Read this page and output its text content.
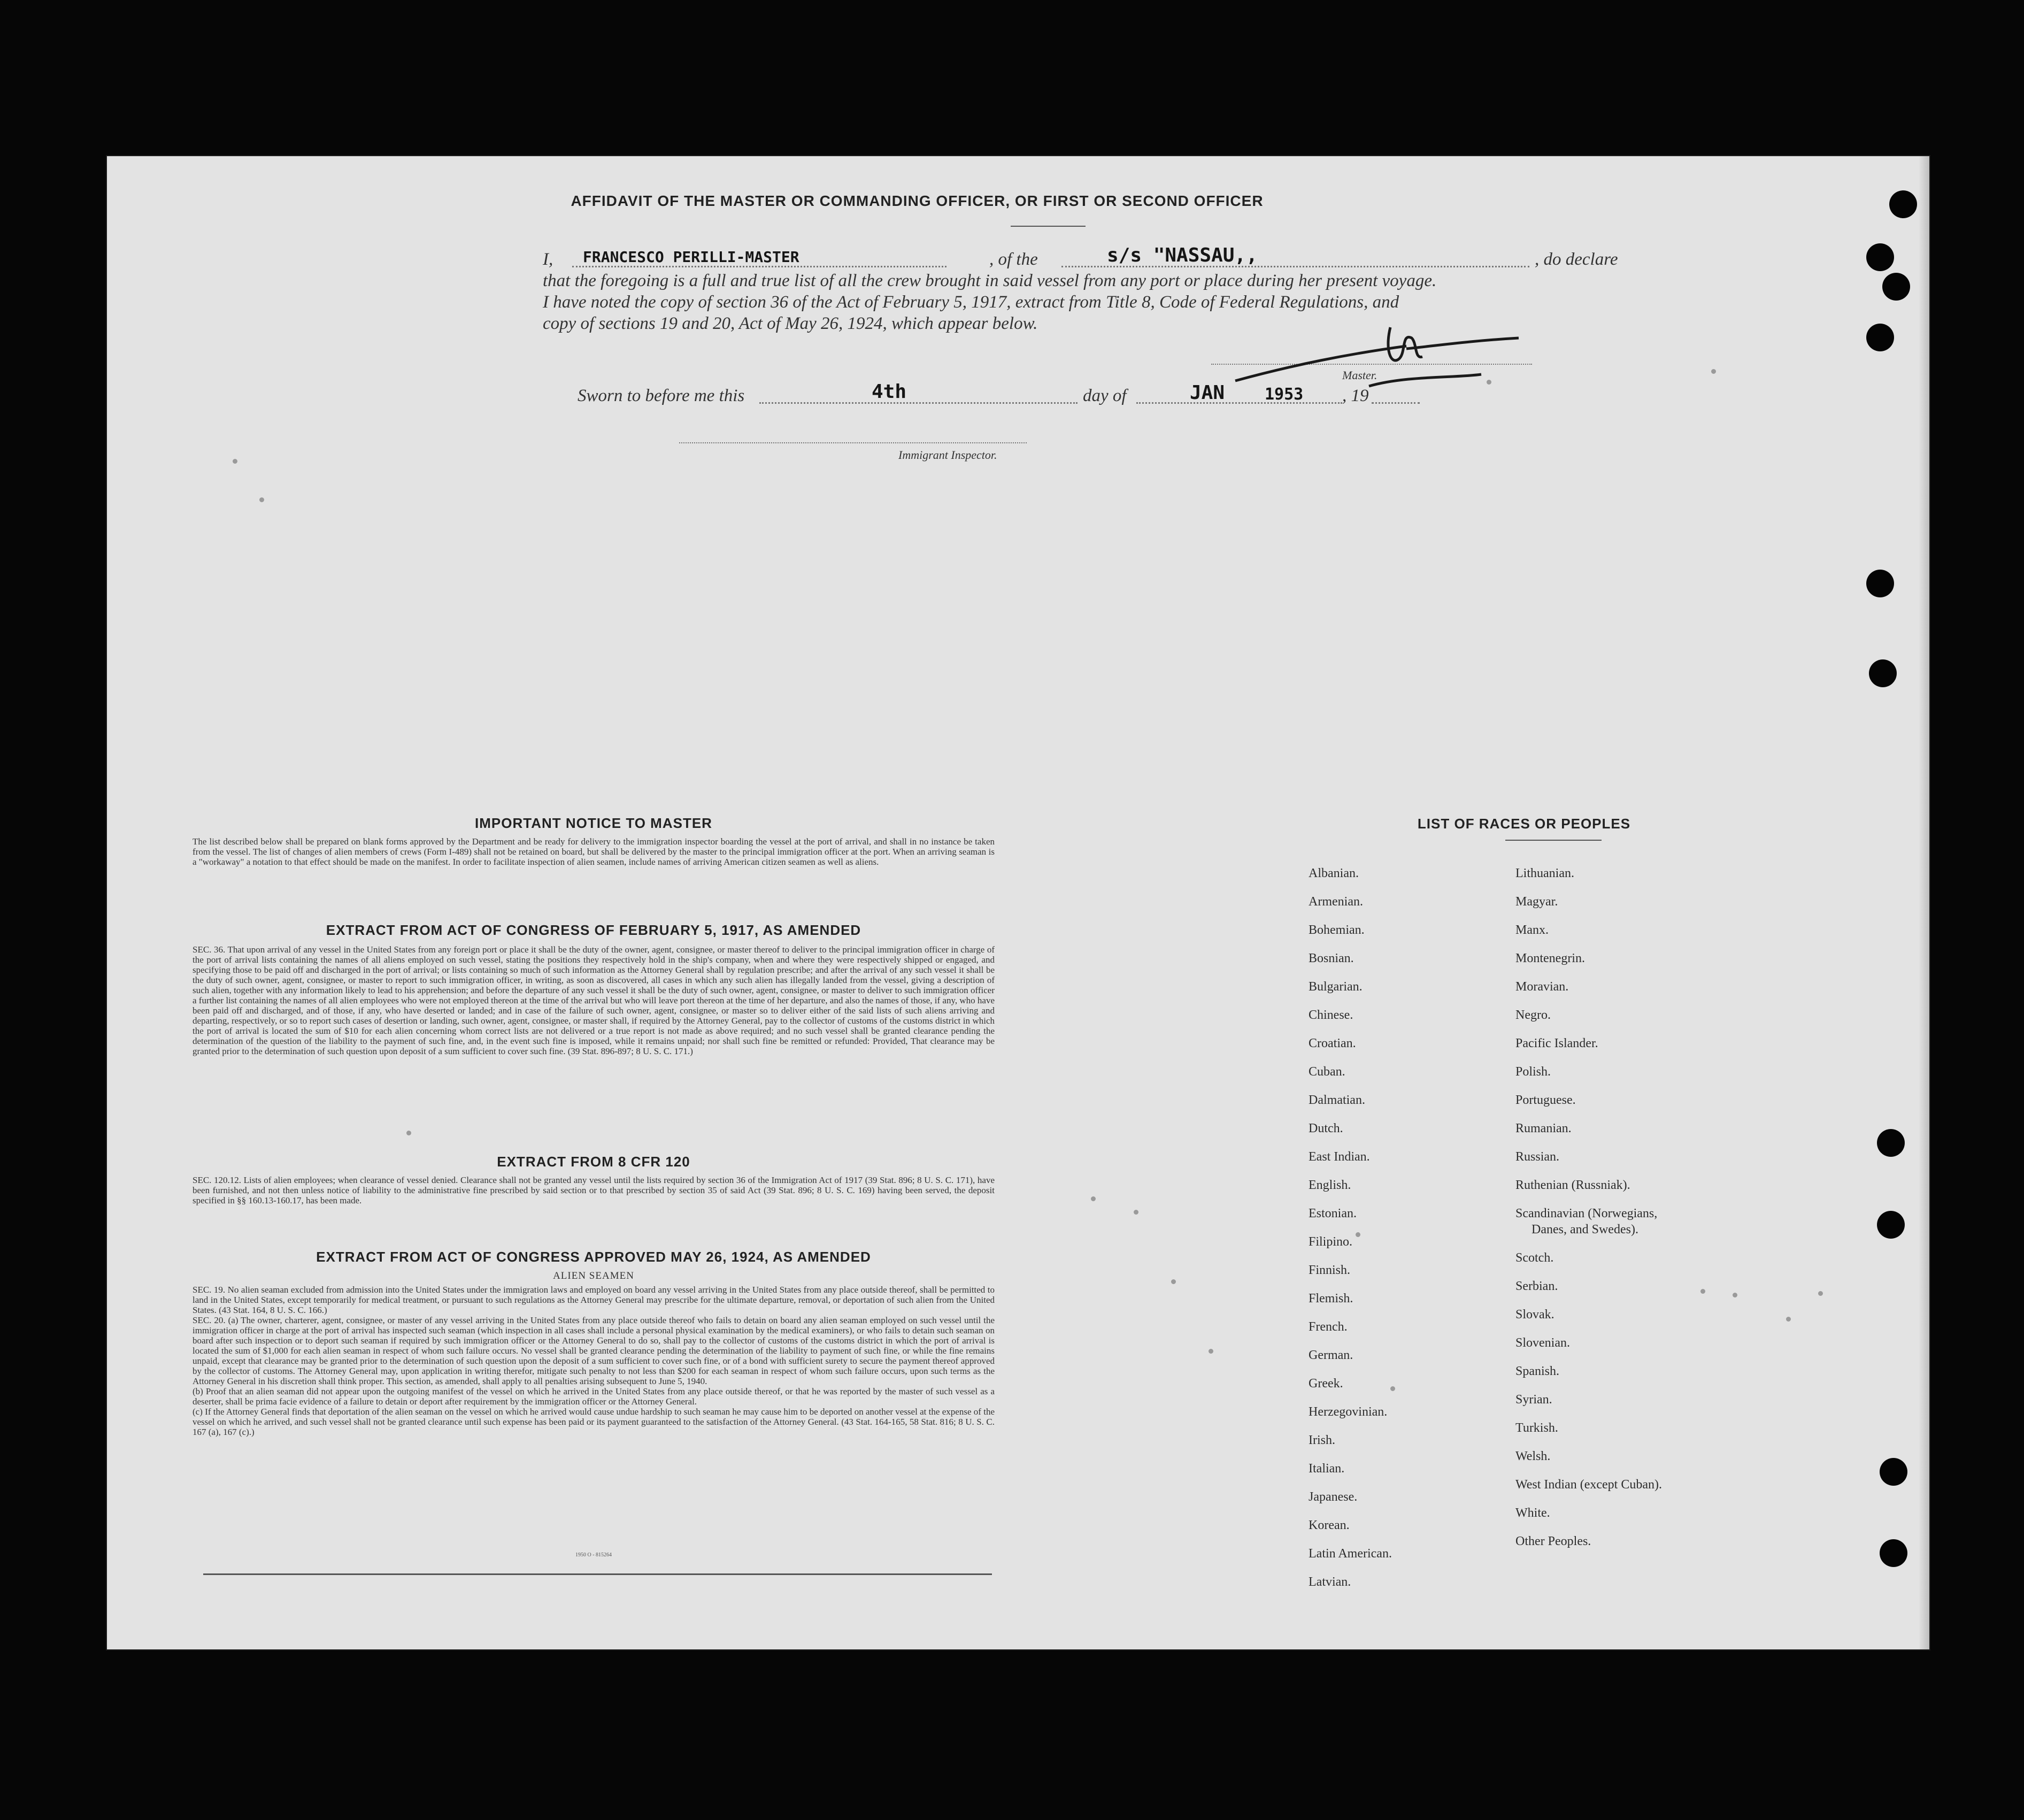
AFFIDAVIT OF THE MASTER OR COMMANDING OFFICER, OR FIRST OR SECOND OFFICER
I, FRANCESCO PERILLI-MASTER	, of the	s/s "NASSAU,,	, do declare
that the foregoing is a full and true list of all the crew brought in said vessel from any port or place during her present voyage.
I have noted the copy of section 36 of the Act of February 5, 1917, extract from Title 8, Code of Federal Regulations, and
copy of sections 19 and 20, Act of May 26, 1924, which appear below.
Master.
Sworn to before me this	4th	day of	JAN 1953 , 19
Immigrant Inspector.
IMPORTANT NOTICE TO MASTER
The list described below shall be prepared on blank forms approved by the Department and be ready for delivery to the immigration inspector boarding the vessel at the port of arrival, and shall in no instance be taken from the vessel. The list of changes of alien members of crews (Form I-489) shall not be retained on board, but shall be delivered by the master to the principal immigration officer at the port. When an arriving seaman is a "workaway" a notation to that effect should be made on the manifest. In order to facilitate inspection of alien seamen, include names of arriving American citizen seamen as well as aliens.
EXTRACT FROM ACT OF CONGRESS OF FEBRUARY 5, 1917, AS AMENDED
SEC. 36. That upon arrival of any vessel in the United States from any foreign port or place it shall be the duty of the owner, agent, consignee, or master thereof to deliver to the principal immigration officer in charge of the port of arrival lists containing the names of all aliens employed on such vessel, stating the positions they respectively hold in the ship's company, when and where they were respectively shipped or engaged, and specifying those to be paid off and discharged in the port of arrival; or lists containing so much of such information as the Attorney General shall by regulation prescribe; and after the arrival of any such vessel it shall be the duty of such owner, agent, consignee, or master to report to such immigration officer, in writing, as soon as discovered, all cases in which any such alien has illegally landed from the vessel, giving a description of such alien, together with any information likely to lead to his apprehension; and before the departure of any such vessel it shall be the duty of such owner, agent, consignee, or master to deliver to such immigration officer a further list containing the names of all alien employees who were not employed thereon at the time of the arrival but who will leave port thereon at the time of her departure, and also the names of those, if any, who have been paid off and discharged, and of those, if any, who have deserted or landed; and in case of the failure of such owner, agent, consignee, or master so to deliver either of the said lists of such aliens arriving and departing, respectively, or so to report such cases of desertion or landing, such owner, agent, consignee, or master shall, if required by the Attorney General, pay to the collector of customs of the customs district in which the port of arrival is located the sum of $10 for each alien concerning whom correct lists are not delivered or a true report is not made as above required; and no such vessel shall be granted clearance pending the determination of the question of the liability to the payment of such fine, and, in the event such fine is imposed, while it remains unpaid; nor shall such fine be remitted or refunded: Provided, That clearance may be granted prior to the determination of such question upon deposit of a sum sufficient to cover such fine. (39 Stat. 896-897; 8 U. S. C. 171.)
EXTRACT FROM 8 CFR 120
SEC. 120.12. Lists of alien employees; when clearance of vessel denied. Clearance shall not be granted any vessel until the lists required by section 36 of the Immigration Act of 1917 (39 Stat. 896; 8 U. S. C. 171), have been furnished, and not then unless notice of liability to the administrative fine prescribed by said section or to that prescribed by section 35 of said Act (39 Stat. 896; 8 U. S. C. 169) having been served, the deposit specified in §§ 160.13-160.17, has been made.
EXTRACT FROM ACT OF CONGRESS APPROVED MAY 26, 1924, AS AMENDED
ALIEN SEAMEN
SEC. 19. No alien seaman excluded from admission into the United States under the immigration laws and employed on board any vessel arriving in the United States from any place outside thereof, shall be permitted to land in the United States, except temporarily for medical treatment, or pursuant to such regulations as the Attorney General may prescribe for the ultimate departure, removal, or deportation of such alien from the United States. (43 Stat. 164, 8 U. S. C. 166.)
SEC. 20. (a) The owner, charterer, agent, consignee, or master of any vessel arriving in the United States from any place outside thereof who fails to detain on board any alien seaman employed on such vessel until the immigration officer in charge at the port of arrival has inspected such seaman (which inspection in all cases shall include a personal physical examination by the medical examiners), or who fails to detain such seaman on board after such inspection or to deport such seaman if required by such immigration officer or the Attorney General to do so, shall pay to the collector of customs of the customs district in which the port of arrival is located the sum of $1,000 for each alien seaman in respect of whom such failure occurs. No vessel shall be granted clearance pending the determination of the liability to payment of such fine, or while the fine remains unpaid, except that clearance may be granted prior to the determination of such question upon the deposit of a sum sufficient to cover such fine, or of a bond with sufficient surety to secure the payment thereof approved by the collector of customs. The Attorney General may, upon application in writing therefor, mitigate such penalty to not less than $200 for each seaman in respect of whom such failure occurs, upon such terms as the Attorney General in his discretion shall think proper. This section, as amended, shall apply to all penalties arising subsequent to June 5, 1940.
(b) Proof that an alien seaman did not appear upon the outgoing manifest of the vessel on which he arrived in the United States from any place outside thereof, or that he was reported by the master of such vessel as a deserter, shall be prima facie evidence of a failure to detain or deport after requirement by the immigration officer or the Attorney General.
(c) If the Attorney General finds that deportation of the alien seaman on the vessel on which he arrived would cause undue hardship to such seaman he may cause him to be deported on another vessel at the expense of the vessel on which he arrived, and such vessel shall not be granted clearance until such expense has been paid or its payment guaranteed to the satisfaction of the Attorney General. (43 Stat. 164-165, 58 Stat. 816; 8 U. S. C. 167 (a), 167 (c).)
1950 O - 815264
LIST OF RACES OR PEOPLES
Albanian.
Armenian.
Bohemian.
Bosnian.
Bulgarian.
Chinese.
Croatian.
Cuban.
Dalmatian.
Dutch.
East Indian.
English.
Estonian.
Filipino.
Finnish.
Flemish.
French.
German.
Greek.
Herzegovinian.
Irish.
Italian.
Japanese.
Korean.
Latin American.
Latvian.
Lithuanian.
Magyar.
Manx.
Montenegrin.
Moravian.
Negro.
Pacific Islander.
Polish.
Portuguese.
Rumanian.
Russian.
Ruthenian (Russniak).
Scandinavian (Norwegians,
Danes, and Swedes).
Scotch.
Serbian.
Slovak.
Slovenian.
Spanish.
Syrian.
Turkish.
Welsh.
West Indian (except Cuban).
White.
Other Peoples.
